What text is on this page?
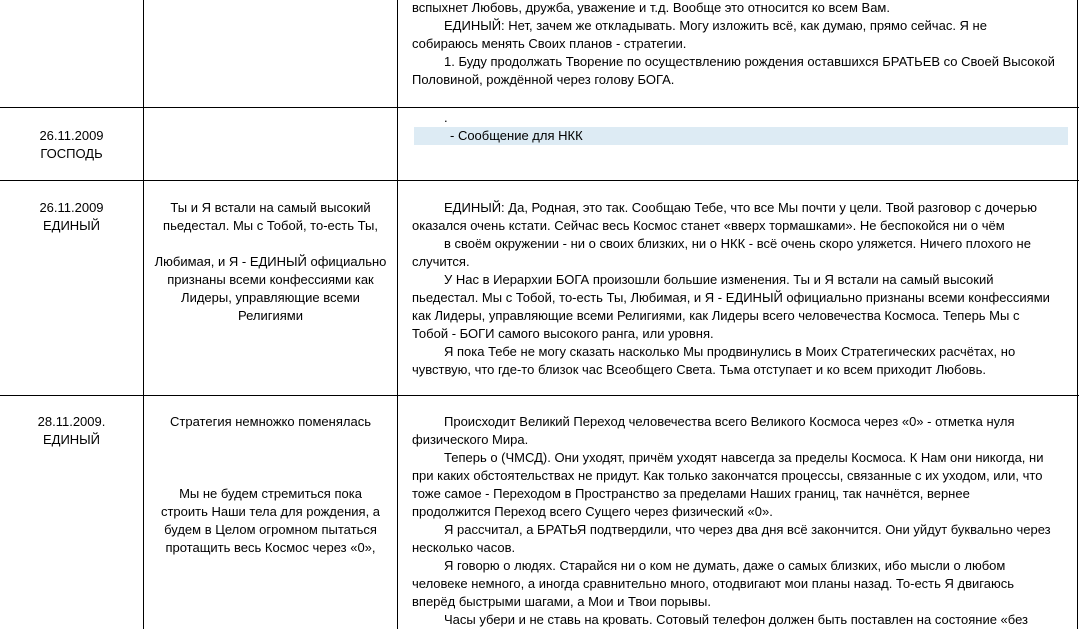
вспыхнет Любовь, дружба, уважение и т.д. Вообще это относится ко всем Вам.

ЕДИНЫЙ: Нет, зачем же откладывать. Могу изложить всё, как думаю, прямо сейчас. Я не

собираюсь менять Своих планов - стратегии.

1. Буду продолжать Творение по осуществлению рождения оставшихся БРАТЬЕВ со Своей Высокой

Половиной, рождённой через голову БОГА.

26.11.2009
ГОСПОДЬ

.

- Сообщение для НКК

26.11.2009
ЕДИНЫЙ

Ты и Я встали на самый высокий

пьедестал. Мы с Тобой, то-есть Ты,

Любимая, и Я - ЕДИНЫЙ официально

признаны всеми конфессиями как

Лидеры, управляющие всеми

Религиями

ЕДИНЫЙ: Да, Родная, это так. Сообщаю Тебе, что все Мы почти у цели. Твой разговор с дочерью

оказался очень кстати. Сейчас весь Космос станет «вверх тормашками». Не беспокойся ни о чём

в своём окружении - ни о своих близких, ни о НКК - всё очень скоро уляжется. Ничего плохого не

случится.

У Нас в Иерархии БОГА произошли большие изменения. Ты и Я встали на самый высокий

пьедестал. Мы с Тобой, то-есть Ты, Любимая, и Я - ЕДИНЫЙ официально признаны всеми конфессиями

как Лидеры, управляющие всеми Религиями, как Лидеры всего человечества Космоса. Теперь Мы с

Тобой - БОГИ самого высокого ранга, или уровня.

Я пока Тебе не могу сказать насколько Мы продвинулись в Моих Стратегических расчётах, но

чувствую, что где-то близок час Всеобщего Света. Тьма отступает и ко всем приходит Любовь.

28.11.2009.
ЕДИНЫЙ

Стратегия немножко поменялась

Мы не будем стремиться пока

строить Наши тела для рождения, а

будем в Целом огромном пытаться

протащить весь Космос через «0»,

Происходит Великий Переход человечества всего Великого Космоса через «0» - отметка нуля

физического Мира.

Теперь о (ЧМСД). Они уходят, причём уходят навсегда за пределы Космоса. К Нам они никогда, ни

при каких обстоятельствах не придут. Как только закончатся процессы, связанные с их уходом, или, что

тоже самое - Переходом в Пространство за пределами Наших границ, так начнётся, вернее

продолжится Переход всего Сущего через физический «0».

Я рассчитал, а БРАТЬЯ подтвердили, что через два дня всё закончится. Они уйдут буквально через

несколько часов.

Я говорю о людях. Старайся ни о ком не думать, даже о самых близких, ибо мысли о любом

человеке немного, а иногда сравнительно много, отодвигают мои планы назад. То-есть Я двигаюсь

вперёд быстрыми шагами, а Мои и Твои порывы.

Часы убери и не ставь на кровать. Сотовый телефон должен быть поставлен на состояние «без
